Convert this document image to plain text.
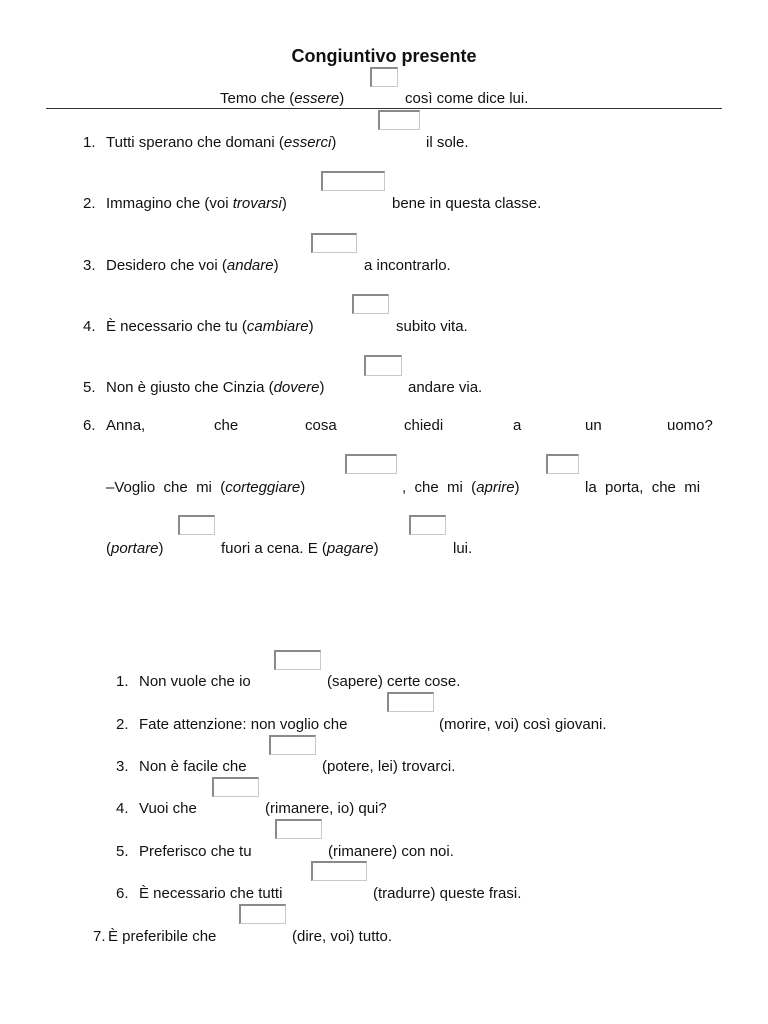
Congiuntivo presente
Temo che (essere)	così come dice lui.
1. Tutti sperano che domani (esserci)	il sole.
2. Immagino che (voi trovarsi)	bene in questa classe.
3. Desidero che voi (andare)	a incontrarlo.
4. È necessario che tu (cambiare)	subito vita.
5. Non è giusto che Cinzia (dovere)	andare via.
6. Anna,	che	cosa	chiedi	a	un	uomo?
–Voglio  che  mi  (corteggiare)	,  che  mi  (aprire)	la  porta,  che  mi
(portare)	fuori a cena. E (pagare)	lui.
1. Non vuole che io	(sapere) certe cose.
2. Fate attenzione: non voglio che	(morire, voi) così giovani.
3. Non è facile che	(potere, lei) trovarci.
4. Vuoi che	(rimanere, io) qui?
5. Preferisco che tu	(rimanere) con noi.
6. È necessario che tutti	(tradurre) queste frasi.
7. È preferibile che	(dire, voi) tutto.
